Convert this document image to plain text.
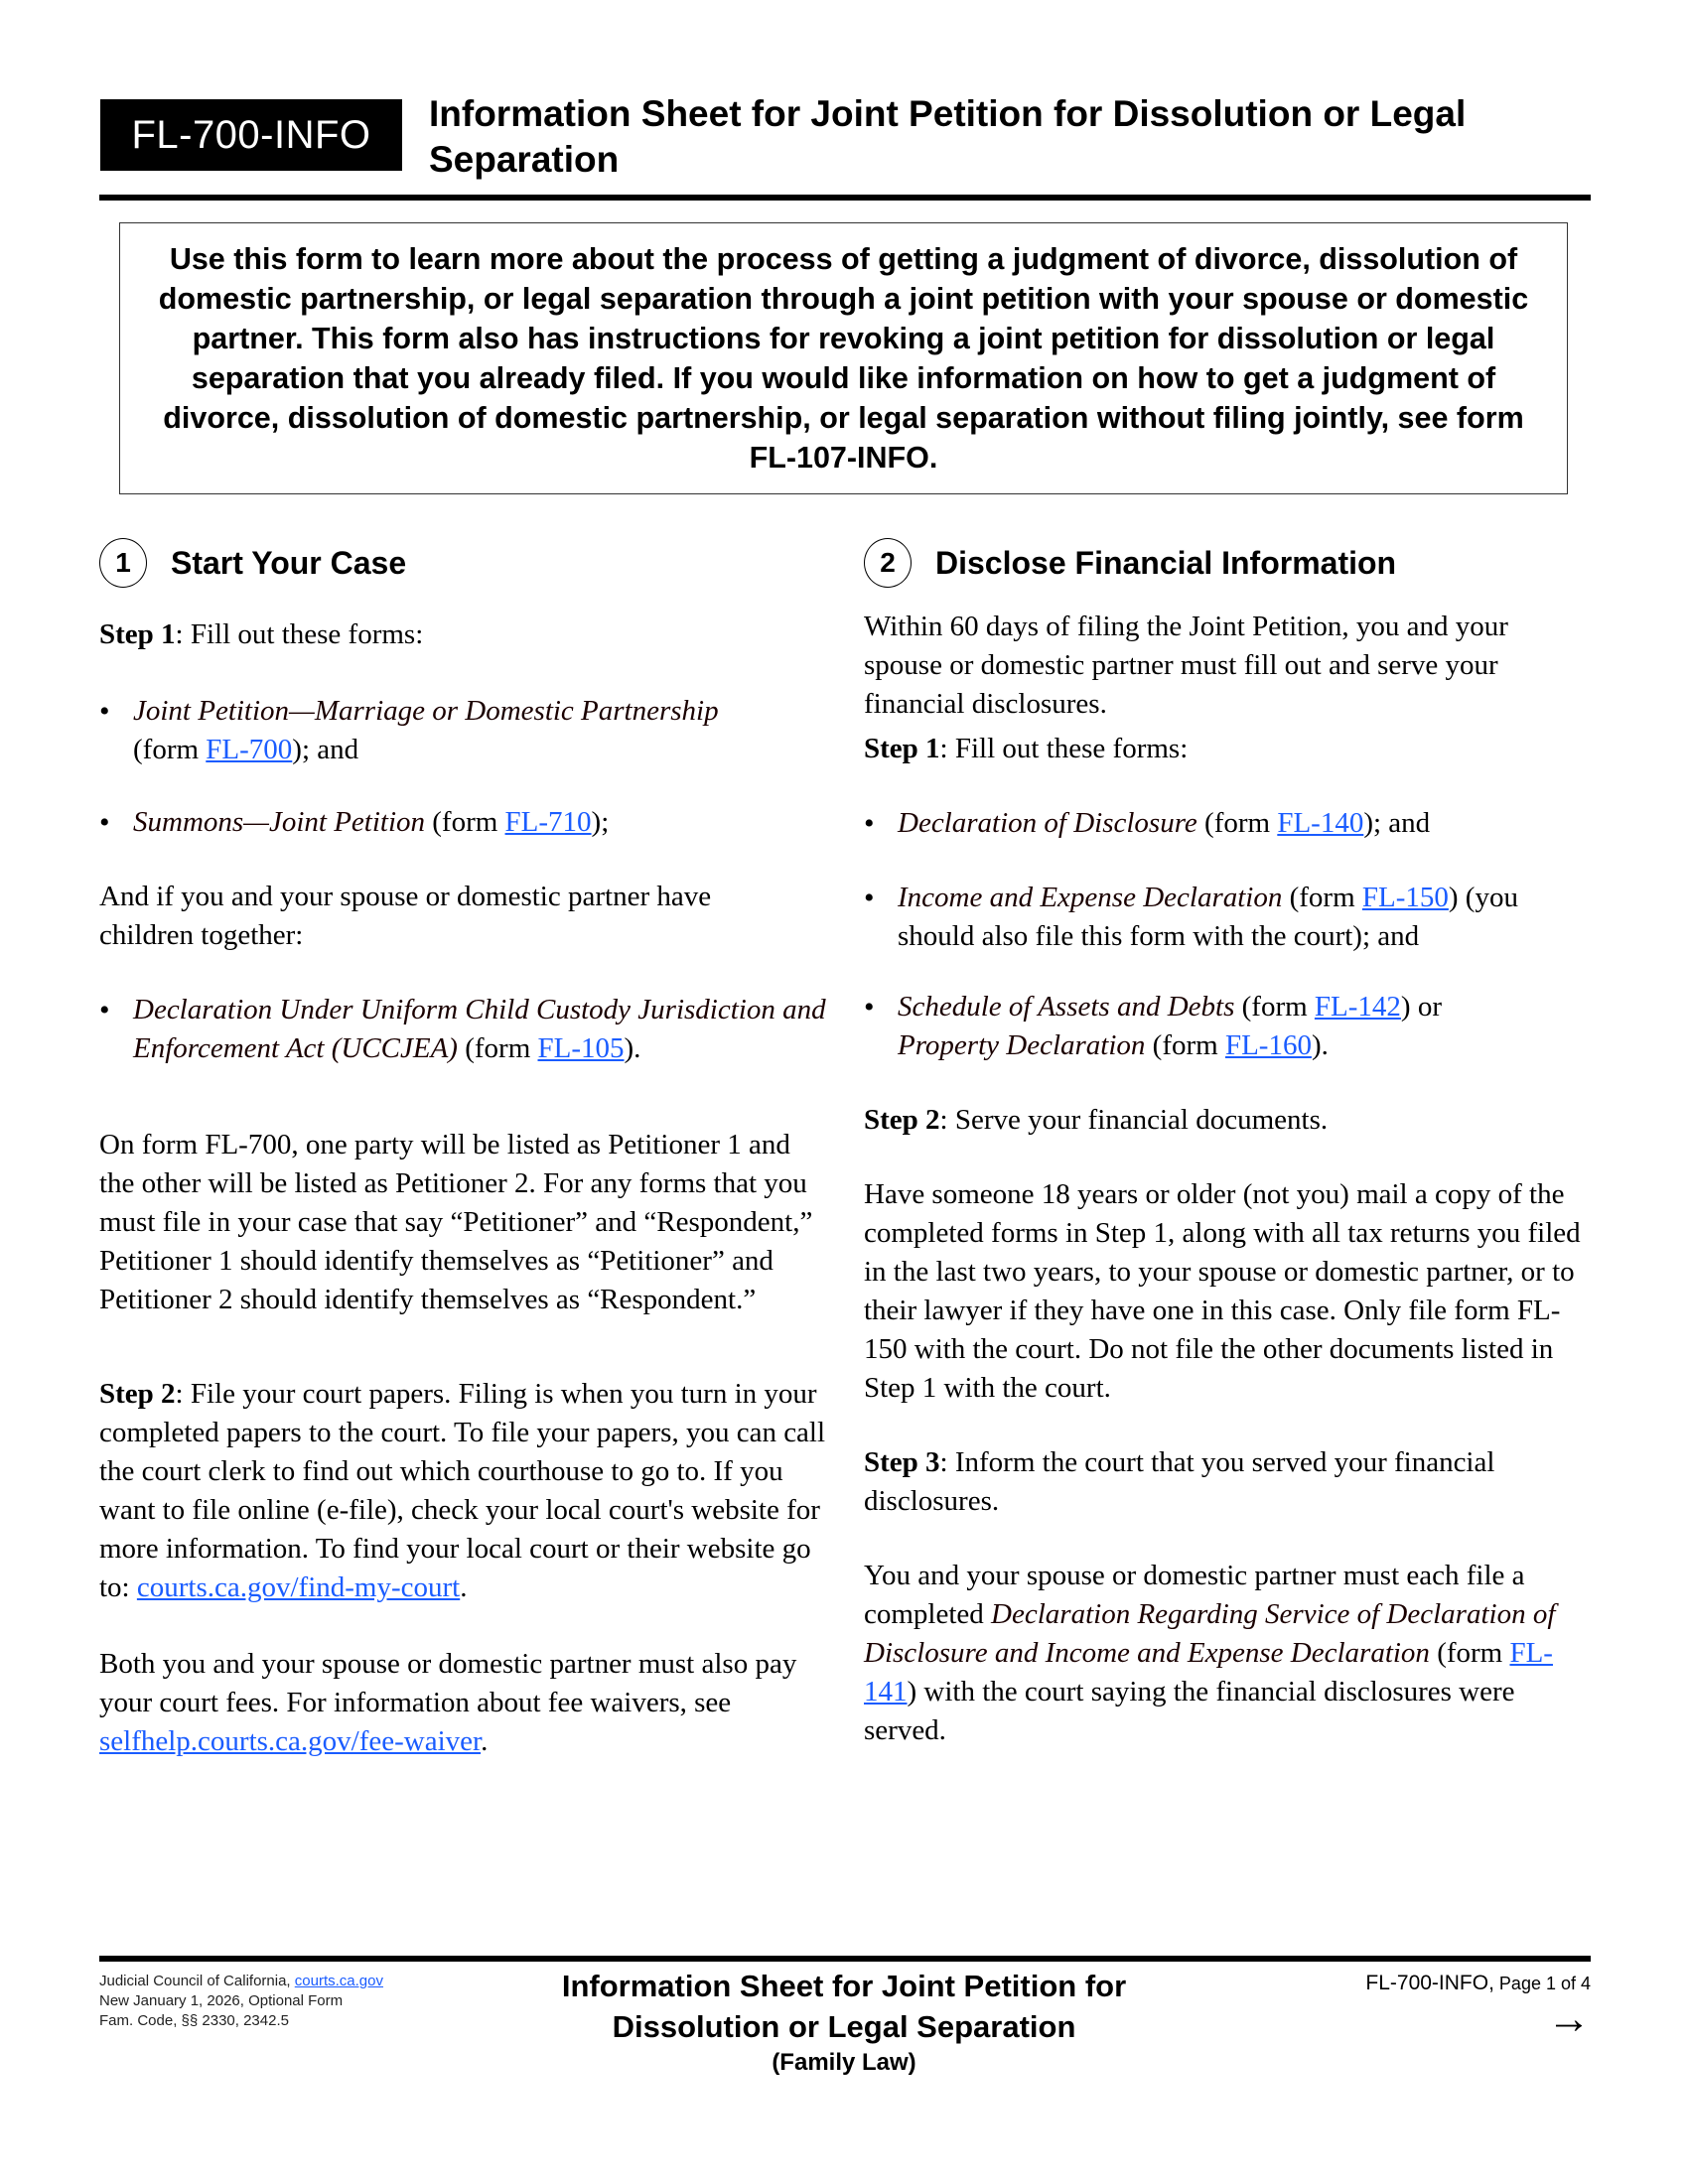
FL-700-INFO Information Sheet for Joint Petition for Dissolution or Legal Separation
Use this form to learn more about the process of getting a judgment of divorce, dissolution of domestic partnership, or legal separation through a joint petition with your spouse or domestic partner. This form also has instructions for revoking a joint petition for dissolution or legal separation that you already filed. If you would like information on how to get a judgment of divorce, dissolution of domestic partnership, or legal separation without filing jointly, see form FL-107-INFO.
1	Start Your Case

Step 1: Fill out these forms:

• Joint Petition—Marriage or Domestic Partnership
(form FL-700); and
• Summons—Joint Petition (form FL-710);

And if you and your spouse or domestic partner have children together:

• Declaration Under Uniform Child Custody Jurisdiction and Enforcement Act (UCCJEA) (form FL-105).

On form FL-700, one party will be listed as Petitioner 1 and the other will be listed as Petitioner 2. For any forms that you must file in your case that say “Petitioner” and “Respondent,” Petitioner 1 should identify themselves as “Petitioner” and Petitioner 2 should identify themselves as “Respondent.”

Step 2: File your court papers. Filing is when you turn in your completed papers to the court. To file your papers, you can call the court clerk to find out which courthouse to go to. If you want to file online (e-file), check your local court's website for more information. To find your local court or their website go to: courts.ca.gov/find-my-court.

Both you and your spouse or domestic partner must also pay your court fees. For information about fee waivers, see selfhelp.courts.ca.gov/fee-waiver.

2	Disclose Financial Information

Within 60 days of filing the Joint Petition, you and your spouse or domestic partner must fill out and serve your financial disclosures.

Step 1: Fill out these forms:

• Declaration of Disclosure (form FL-140); and
• Income and Expense Declaration (form FL-150) (you should also file this form with the court); and
• Schedule of Assets and Debts (form FL-142) or
Property Declaration (form FL-160).

Step 2: Serve your financial documents.

Have someone 18 years or older (not you) mail a copy of the completed forms in Step 1, along with all tax returns you filed in the last two years, to your spouse or domestic partner, or to their lawyer if they have one in this case. Only file form FL-150 with the court. Do not file the other documents listed in Step 1 with the court.

Step 3: Inform the court that you served your financial disclosures.

You and your spouse or domestic partner must each file a completed Declaration Regarding Service of Declaration of Disclosure and Income and Expense Declaration (form FL-141) with the court saying the financial disclosures were served.

Judicial Council of California, courts.ca.gov
New January 1, 2026, Optional Form
Fam. Code, §§ 2330, 2342.5
Information Sheet for Joint Petition for
Dissolution or Legal Separation
(Family Law)
FL-700-INFO, Page 1 of 4
→
